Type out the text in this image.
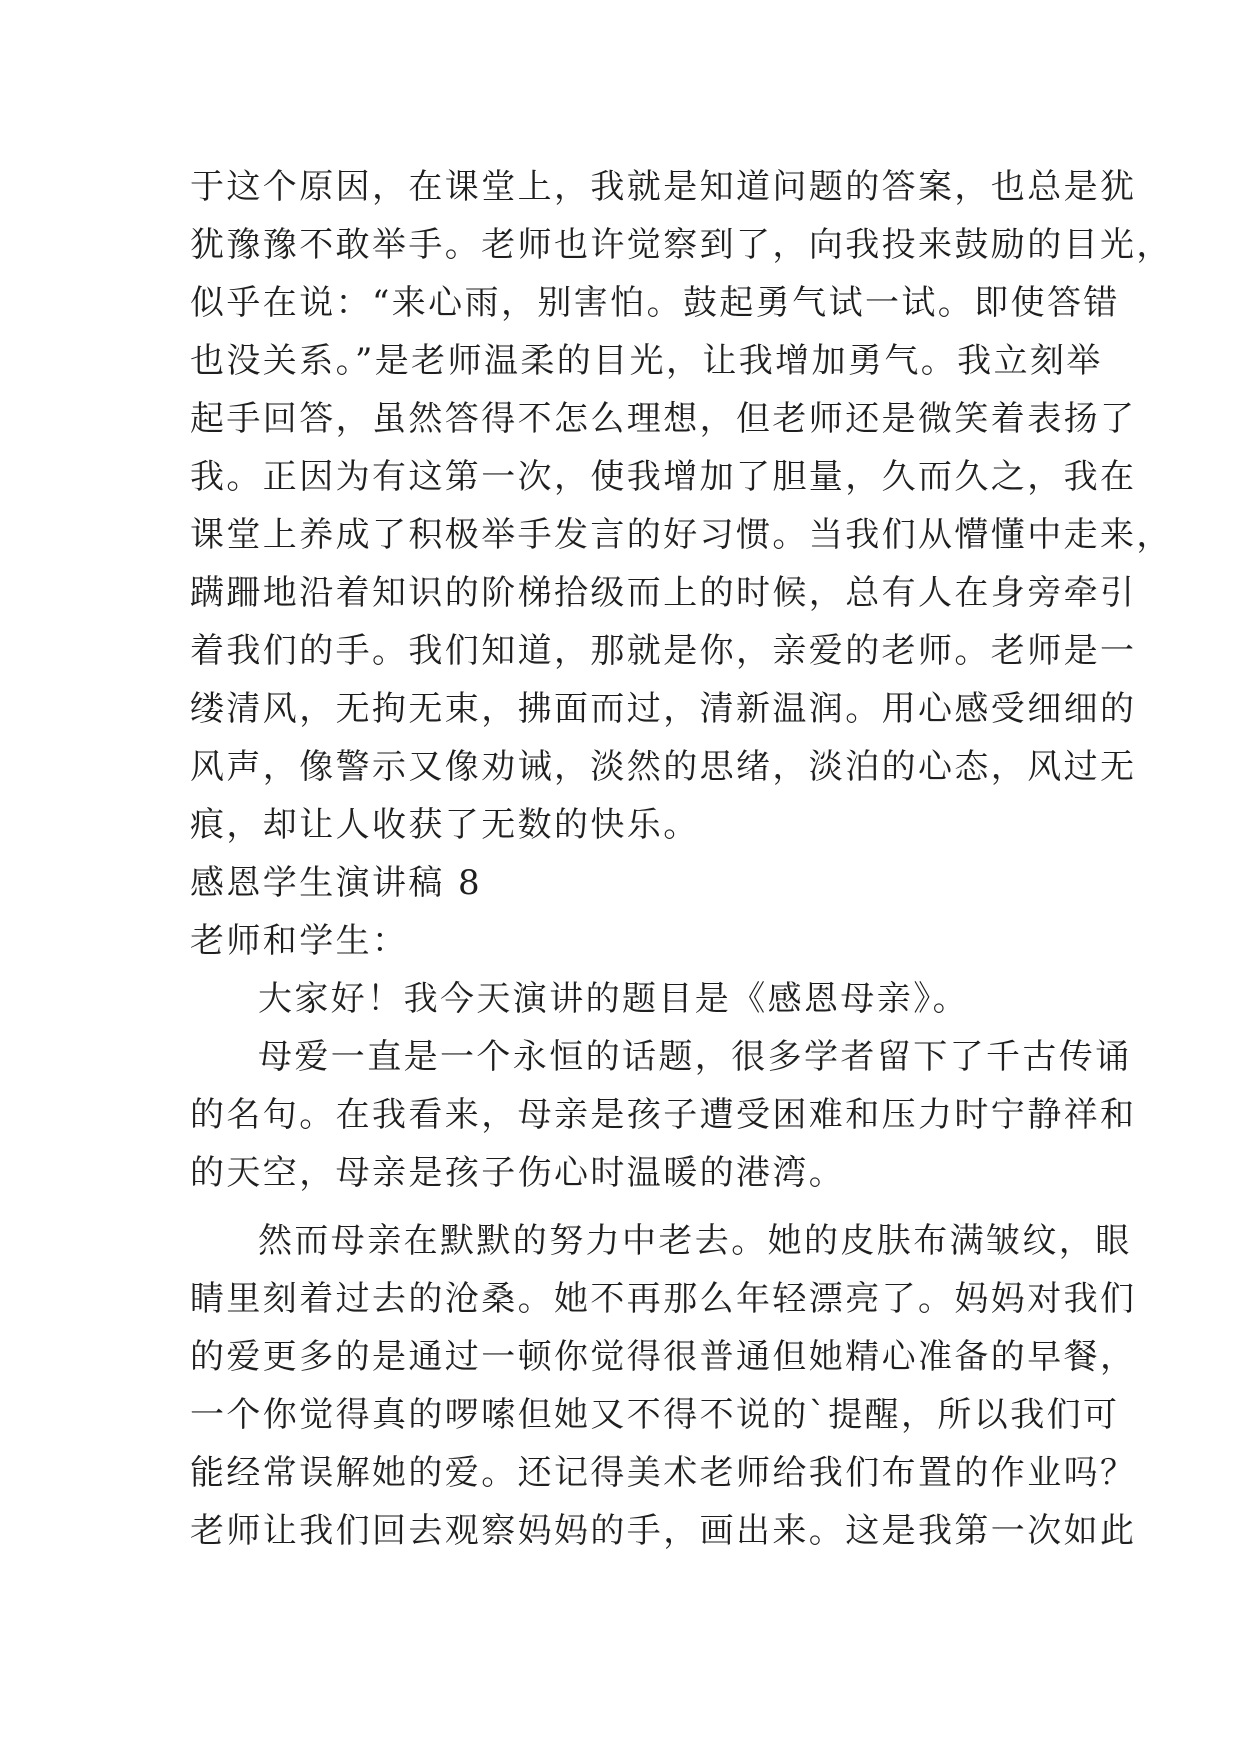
于这个原因，在课堂上，我就是知道问题的答案，也总是犹
犹豫豫不敢举手。老师也许觉察到了，向我投来鼓励的目光，
似乎在说：“来心雨，别害怕。鼓起勇气试一试。即使答错
也没关系。”是老师温柔的目光，让我增加勇气。我立刻举
起手回答，虽然答得不怎么理想，但老师还是微笑着表扬了
我。正因为有这第一次，使我增加了胆量，久而久之，我在
课堂上养成了积极举手发言的好习惯。当我们从懵懂中走来，
蹒跚地沿着知识的阶梯拾级而上的时候，总有人在身旁牵引
着我们的手。我们知道，那就是你，亲爱的老师。老师是一
缕清风，无拘无束，拂面而过，清新温润。用心感受细细的
风声，像警示又像劝诫，淡然的思绪，淡泊的心态，风过无
痕，却让人收获了无数的快乐。
感恩学生演讲稿 8
老师和学生：
大家好！我今天演讲的题目是《感恩母亲》。
母爱一直是一个永恒的话题，很多学者留下了千古传诵
的名句。在我看来，母亲是孩子遭受困难和压力时宁静祥和
的天空，母亲是孩子伤心时温暖的港湾。
然而母亲在默默的努力中老去。她的皮肤布满皱纹，眼
睛里刻着过去的沧桑。她不再那么年轻漂亮了。妈妈对我们
的爱更多的是通过一顿你觉得很普通但她精心准备的早餐，
一个你觉得真的啰嗦但她又不得不说的`提醒，所以我们可
能经常误解她的爱。还记得美术老师给我们布置的作业吗？
老师让我们回去观察妈妈的手，画出来。这是我第一次如此
